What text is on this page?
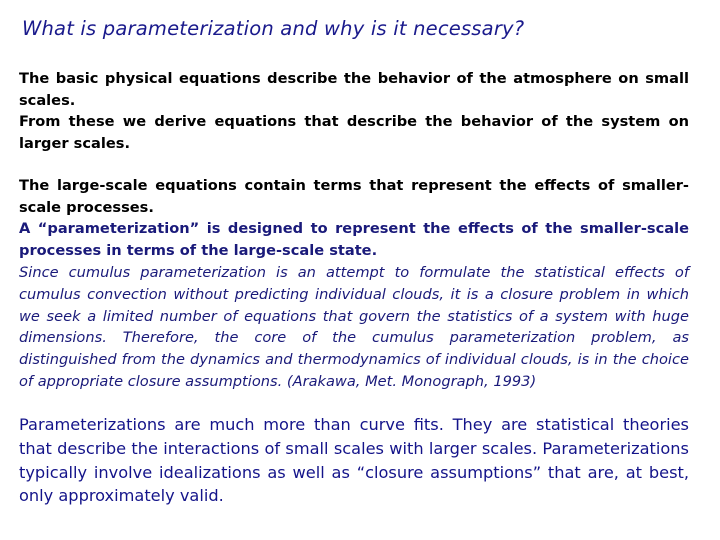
What is parameterization and why is it necessary?

The basic physical equations describe the behavior of the atmosphere on small scales.

From these we derive equations that describe the behavior of the system on larger scales.

The large-scale equations contain terms that represent the effects of smaller-scale processes.

A “parameterization” is designed to represent the effects of the smaller-scale processes in terms of the large-scale state.

Since cumulus parameterization is an attempt to formulate the statistical effects of cumulus convection without predicting individual clouds, it is a closure problem in which we seek a limited number of equations that govern the statistics of a system with huge dimensions. Therefore, the core of the cumulus parameterization problem, as distinguished from the dynamics and thermodynamics of individual clouds, is in the choice of appropriate closure assumptions. (Arakawa, Met. Monograph, 1993)

Parameterizations are much more than curve fits. They are statistical theories that describe the interactions of small scales with larger scales. Parameterizations typically involve idealizations as well as “closure assumptions” that are, at best, only approximately valid.
